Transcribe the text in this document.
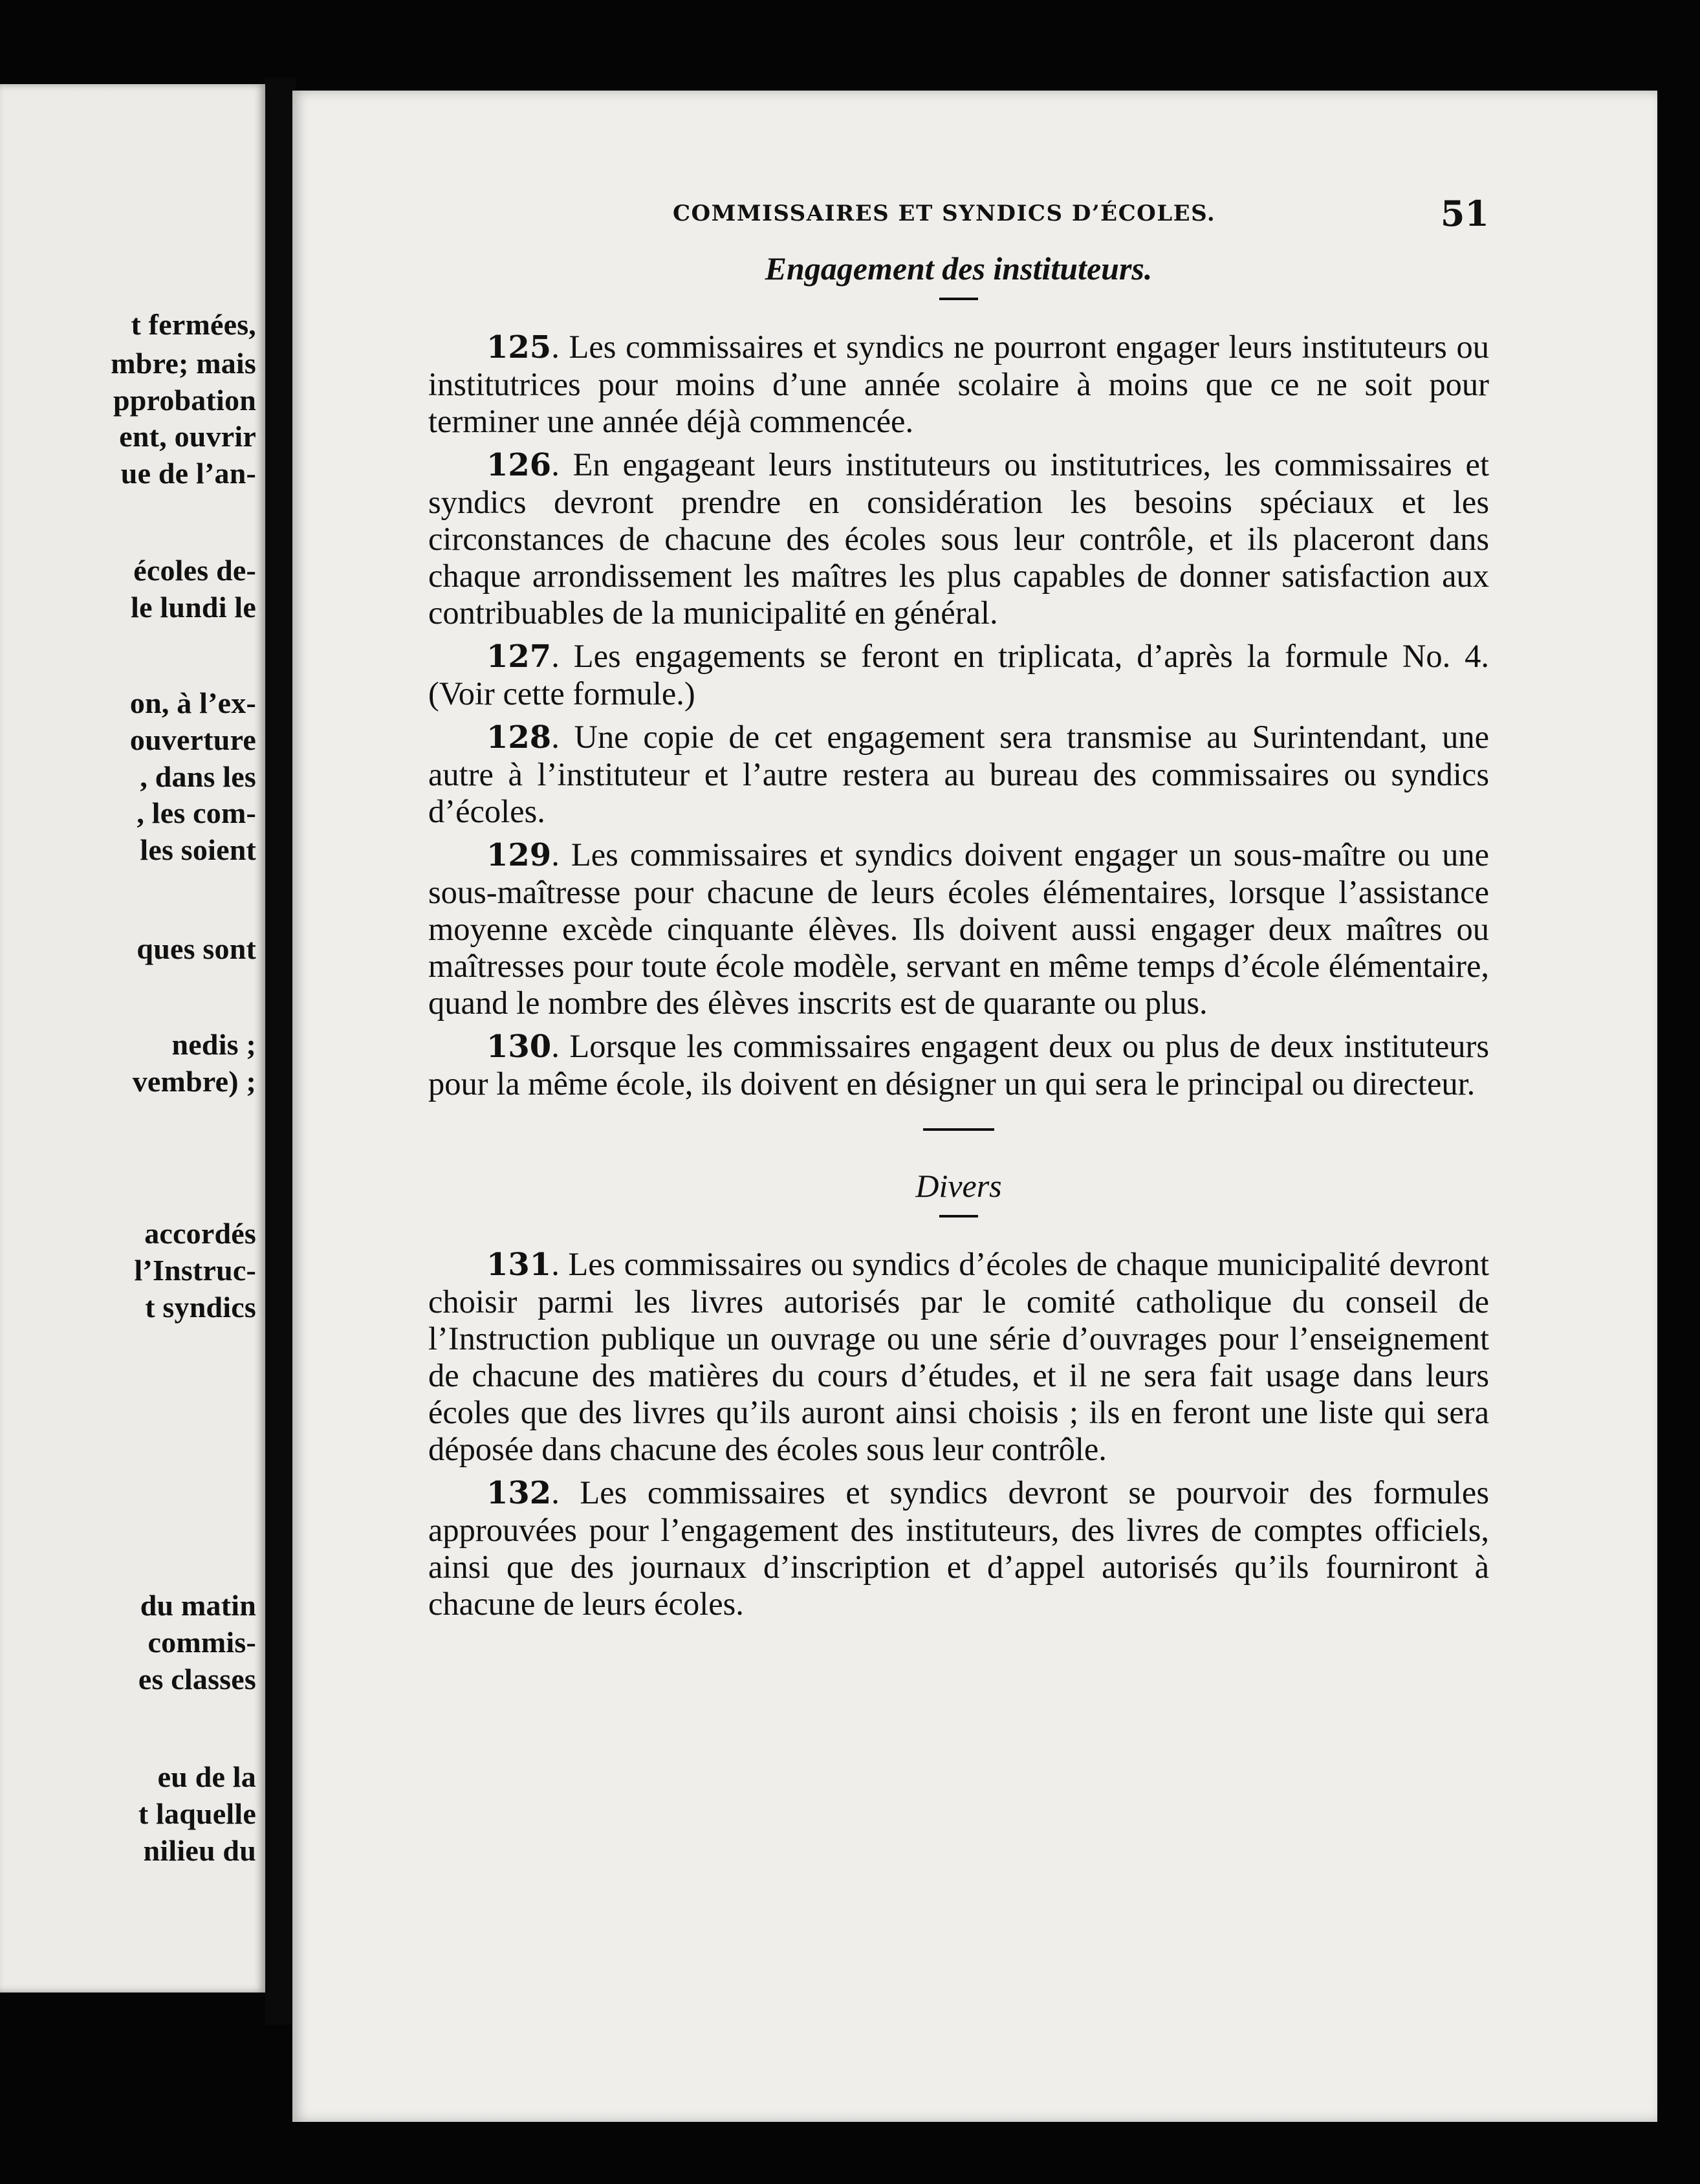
t fermées,
mbre; mais
pprobation
ent, ouvrir
ue de l’an-
écoles de-
le lundi le
on, à l’ex-
ouverture
, dans les
, les com-
les soient
ques sont
nedis ;
vembre) ;
accordés
l’Instruc-
t syndics
du matin
commis-
es classes
eu de la
t laquelle
nilieu du
COMMISSAIRES ET SYNDICS D’ÉCOLES.	51
Engagement des instituteurs.

125. Les commissaires et syndics ne pourront engager leurs instituteurs ou institutrices pour moins d’une année scolaire à moins que ce ne soit pour terminer une année déjà commencée.

126. En engageant leurs instituteurs ou institutrices, les commissaires et syndics devront prendre en considération les besoins spéciaux et les circonstances de chacune des écoles sous leur contrôle, et ils placeront dans chaque arrondissement les maîtres les plus capables de donner satisfaction aux contribuables de la municipalité en général.

127. Les engagements se feront en triplicata, d’après la formule No. 4. (Voir cette formule.)

128. Une copie de cet engagement sera transmise au Surintendant, une autre à l’instituteur et l’autre restera au bureau des commissaires ou syndics d’écoles.

129. Les commissaires et syndics doivent engager un sous-maître ou une sous-maîtresse pour chacune de leurs écoles élémentaires, lorsque l’assistance moyenne excède cinquante élèves. Ils doivent aussi engager deux maîtres ou maîtresses pour toute école modèle, servant en même temps d’école élémentaire, quand le nombre des élèves inscrits est de quarante ou plus.

130. Lorsque les commissaires engagent deux ou plus de deux instituteurs pour la même école, ils doivent en désigner un qui sera le principal ou directeur.

Divers

131. Les commissaires ou syndics d’écoles de chaque municipalité devront choisir parmi les livres autorisés par le comité catholique du conseil de l’Instruction publique un ouvrage ou une série d’ouvrages pour l’enseignement de chacune des matières du cours d’études, et il ne sera fait usage dans leurs écoles que des livres qu’ils auront ainsi choisis ; ils en feront une liste qui sera déposée dans chacune des écoles sous leur contrôle.

132. Les commissaires et syndics devront se pourvoir des formules approuvées pour l’engagement des instituteurs, des livres de comptes officiels, ainsi que des journaux d’inscription et d’appel autorisés qu’ils fourniront à chacune de leurs écoles.
